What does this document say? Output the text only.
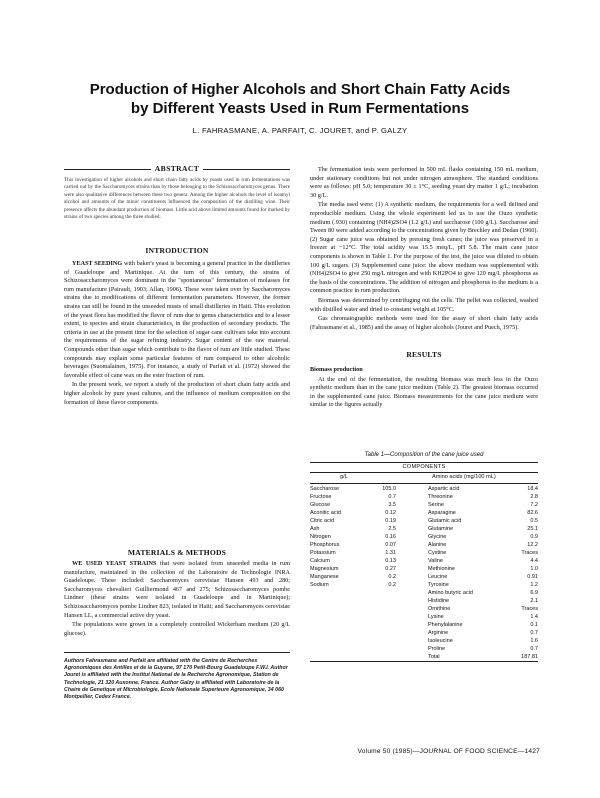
Production of Higher Alcohols and Short Chain Fatty Acids
by Different Yeasts Used in Rum Fermentations
L. FAHRASMANE, A. PARFAIT, C. JOURET, and P. GALZY
ABSTRACT
This investigation of higher alcohols and short chain fatty acids by yeasts used in rum fermentations was carried out by the Saccharomyces strains than by those belonging to the Schizosaccharomyces genus. There were also qualitative differences between these two genera. Among the higher alcohols the level of isoamyl alcohol and amounts of the minor constituents influenced the composition of the distilling wine. Their presence affects the abundant production of biomass. Little acid above limited amounts found for marked by strains of two species among the three studied.
INTRODUCTION

YEAST SEEDING with baker's yeast is becoming a general practice in the distilleries of Guadeloupe and Martinique. At the turn of this century, the strains of Schizosaccharomyces were dominant in the "spontaneous" fermentation of molasses for rum manufacture (Pairault, 1903; Allan, 1906). These were taken over by Saccharomyces strains due to modifications of different fermentation parameters. However, the former strains can still be found in the unseeded musts of small distilleries in Haiti. This evolution of the yeast flora has modified the flavor of rum due to genus characteristics and to a lesser extent, to species and strain characteristics, in the production of secondary products. The criteria in use at the present time for the selection of sugar cane cultivars take into account the requirements of the sugar refining industry. Sugar content of the raw material. Compounds other than sugar which contribute to the flavor of rum are little studied. These compounds may explain some particular features of rum compared to other alcoholic beverages (Suomalainen, 1975). For instance, a study of Parfait et al. (1972) showed the favorable effect of cane wax on the ester fraction of rum.

In the present work, we report a study of the production of short chain fatty acids and higher alcohols by pure yeast cultures, and the influence of medium composition on the formation of these flavor components.

MATERIALS & METHODS

WE USED YEAST STRAINS that were isolated from unseeded media in rum manufacture, maintained in the collection of the Laboratoire de Technologie INRA Guadeloupe. These included: Saccharomyces cerevisiae Hansen 493 and 280; Saccharomyces chevalieri Guilliermond 467 and 275; Schizosaccharomyces pombe Lindner (these strains were isolated in Guadeloupe and in Martinique); Schizosaccharomyces pombe Lindner 823, isolated in Haiti; and Saccharomyces cerevisiae Hansen LL, a commercial active dry yeast.

The populations were grown in a completely controlled Wickerham medium (20 g/L glucose).

Authors Fahrasmane and Parfait are affiliated with the Centre de Recherches Agronomiques des Antilles et de la Guyane, 97 170 Petit-Bourg Guadeloupe F.W.I. Author Jouret is affiliated with the Institut National de la Recherche Agronomique, Station de Technologie, 21 320 Auxonne, France. Author Galzy is affiliated with Laboratoire de la Chaire de Genetique et Microbiologie, Ecole Nationale Superieure Agronomique, 34 060 Montpellier, Cedex France.

The fermentation tests were performed in 500 mL flasks containing 150 mL medium, under stationary conditions but not under nitrogen atmosphere. The standard conditions were as follows: pH 5.0; temperature 30 ± 1°C, seeding yeast dry matter 1 g/L; incubation 30 g/L.

The media used were: (1) A synthetic medium, the requirements for a well defined and reproducible medium. Using the whole experiment led us to use the Ouzo synthetic medium (.930) containing (NH4)2SO4 (1.2 g/L) and saccharose (100 g/L). Saccharose and Tween 80 were added according to the concentrations given by Brechley and Dedan (1960). (2) Sugar cane juice was obtained by pressing fresh canes; the juice was preserved in a freezer at −12°C. The total acidity was 15.5 meq/L, pH 5.8. The main cane juice components is shown in Table 1. For the purpose of the test, the juice was diluted to obtain 100 g/L sugars. (3) Supplemented cane juice: the above medium was supplemented with (NH4)2SO4 to give 250 mg/L nitrogen and with KH2PO4 to give 120 mg/L phosphorus as the basis of the concentrations. The addition of nitrogen and phosphorus to the medium is a common practice in rum production.

Biomass was determined by centrifuging out the cells. The pellet was collected, washed with distilled water and dried to constant weight at 105°C.

Gas chromatographic methods were used for the assay of short chain fatty acids (Fahrasmane et al., 1985) and the assay of higher alcohols (Jouret and Puech, 1975).

RESULTS

Biomass production

At the end of the fermentation, the resulting biomass was much less in the Ouzo synthetic medium than in the cane juice medium (Table 2). The greatest biomass occurred in the supplemented cane juice. Biomass measurements for the cane juice medium were similar to the figures actually

Table 1—Composition of the cane juice used
COMPONENTS
g/L	Amino acids (mg/100 mL)
Saccharose	105.0
Fructose	0.7
Glucose	3.5
Aconitic acid	0.12
Citric acid	0.19
Ash	2.5
Nitrogen	0.16
Phosphorus	0.07
Potassium	1.31
Calcium	0.13
Magnesium	0.27
Manganese	0.2
Sodium	0.2
Aspartic acid	18.4
Threonine	2.8
Serine	7.2
Asparagine	82.6
Glutamic acid	0.5
Glutamine	25.1
Glycine	0.9
Alanine	12.2
Cystine	Traces
Valine	4.4
Methionine	1.0
Leucine	0.91
Tyrosine	1.2
Amino butyric acid	6.9
Histidine	2.1
Ornithine	Traces
Lysine	1.4
Phenylalanine	0.1
Arginine	0.7
Isoleucine	1.6
Proline	0.7
Total	187.81
Volume 50 (1985)—JOURNAL OF FOOD SCIENCE—1427
